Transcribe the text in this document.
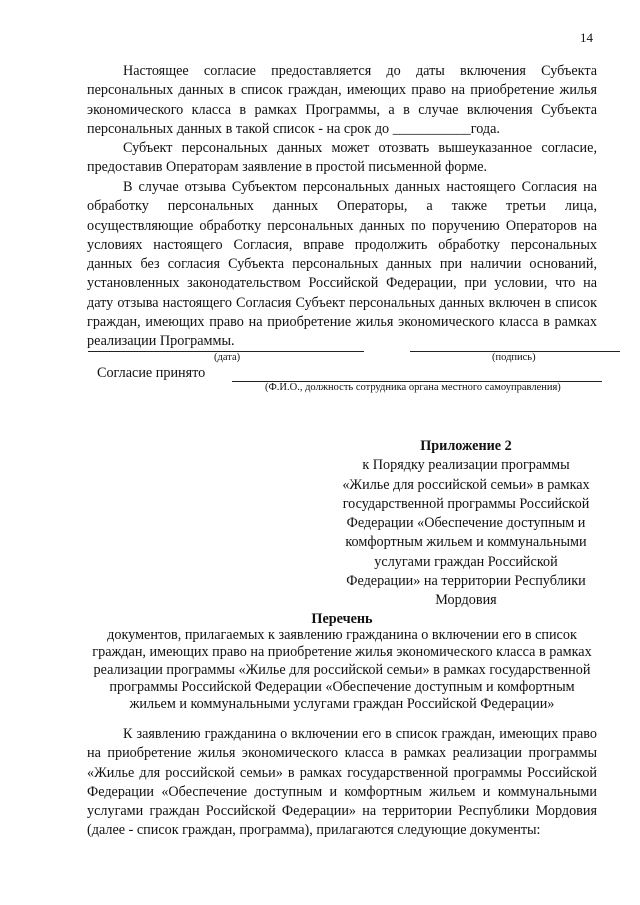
14

Настоящее согласие предоставляется до даты включения Субъекта персональных данных в список граждан, имеющих право на приобретение жилья экономического класса в рамках Программы, а в случае включения Субъекта персональных данных в такой список - на срок до ___________года.

Субъект персональных данных может отозвать вышеуказанное согласие, предоставив Операторам заявление в простой письменной форме.

В случае отзыва Субъектом персональных данных настоящего Согласия на обработку персональных данных Операторы, а также третьи лица, осуществляющие обработку персональных данных по поручению Операторов на условиях настоящего Согласия, вправе продолжить обработку персональных данных без согласия Субъекта персональных данных при наличии оснований, установленных законодательством Российской Федерации, при условии, что на дату отзыва настоящего Согласия Субъект персональных данных включен в список граждан, имеющих право на приобретение жилья экономического класса в рамках реализации Программы.

(дата)	(подпись)
Согласие принято
(Ф.И.О., должность сотрудника органа местного самоуправления)
Приложение 2
к Порядку реализации программы «Жилье для российской семьи» в рамках государственной программы Российской Федерации «Обеспечение доступным и комфортным жильем и коммунальными услугами граждан Российской Федерации» на территории Республики Мордовия
Перечень
документов, прилагаемых к заявлению гражданина о включении его в список граждан, имеющих право на приобретение жилья экономического класса в рамках реализации программы «Жилье для российской семьи» в рамках государственной программы Российской Федерации «Обеспечение доступным и комфортным жильем и коммунальными услугами граждан Российской Федерации»

К заявлению гражданина о включении его в список граждан, имеющих право на приобретение жилья экономического класса в рамках реализации программы «Жилье для российской семьи» в рамках государственной программы Российской Федерации «Обеспечение доступным и комфортным жильем и коммунальными услугами граждан Российской Федерации» на территории Республики Мордовия (далее - список граждан, программа), прилагаются следующие документы:
